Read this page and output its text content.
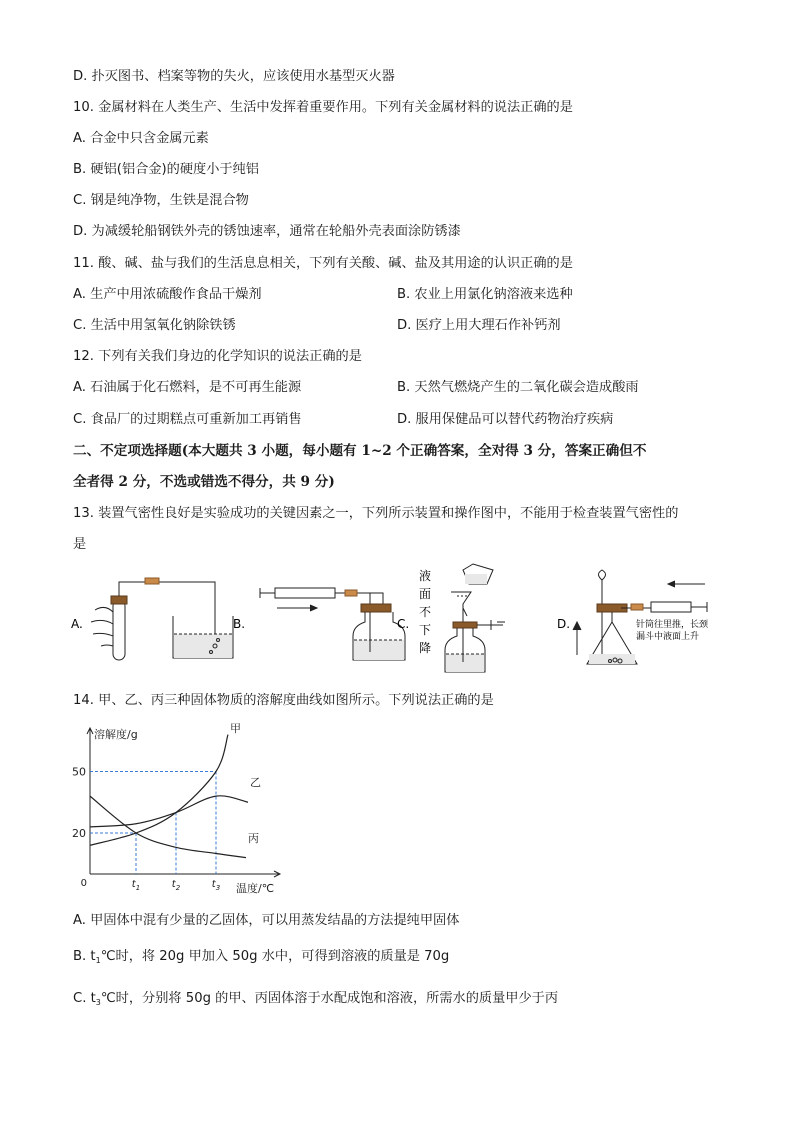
D. 扑灭图书、档案等物的失火，应该使用水基型灭火器
10. 金属材料在人类生产、生活中发挥着重要作用。下列有关金属材料的说法正确的是
A. 合金中只含金属元素
B. 硬铝(铝合金)的硬度小于纯铝
C. 钢是纯净物，生铁是混合物
D. 为减缓轮船钢铁外壳的锈蚀速率，通常在轮船外壳表面涂防锈漆
11. 酸、碱、盐与我们的生活息息相关，下列有关酸、碱、盐及其用途的认识正确的是
A. 生产中用浓硫酸作食品干燥剂	B. 农业上用氯化钠溶液来选种
C. 生活中用氢氧化钠除铁锈	D. 医疗上用大理石作补钙剂
12. 下列有关我们身边的化学知识的说法正确的是
A. 石油属于化石燃料，是不可再生能源	B. 天然气燃烧产生的二氧化碳会造成酸雨
C. 食品厂的过期糕点可重新加工再销售	D. 服用保健品可以替代药物治疗疾病
二、不定项选择题(本大题共 3 小题，每小题有 1~2 个正确答案，全对得 3 分，答案正确但不
全者得 2 分，不选或错选不得分，共 9 分)
13. 装置气密性良好是实验成功的关键因素之一，下列所示装置和操作图中，不能用于检查装置气密性的
是
A.	B.	C.
液
面
不
下
降
D.	针筒往里推，长颈
漏斗中液面上升
14. 甲、乙、丙三种固体物质的溶解度曲线如图所示。下列说法正确的是
溶解度/g
温度/℃
0
20
50
$t_1$	$t_2$	$t_3$
甲
乙
丙
A. 甲固体中混有少量的乙固体，可以用蒸发结晶的方法提纯甲固体
B. $t_1℃$时，将 20g 甲加入 50g 水中，可得到溶液的质量是 70g
C. $t_3℃$时，分别将 50g 的甲、丙固体溶于水配成饱和溶液，所需水的质量甲少于丙
